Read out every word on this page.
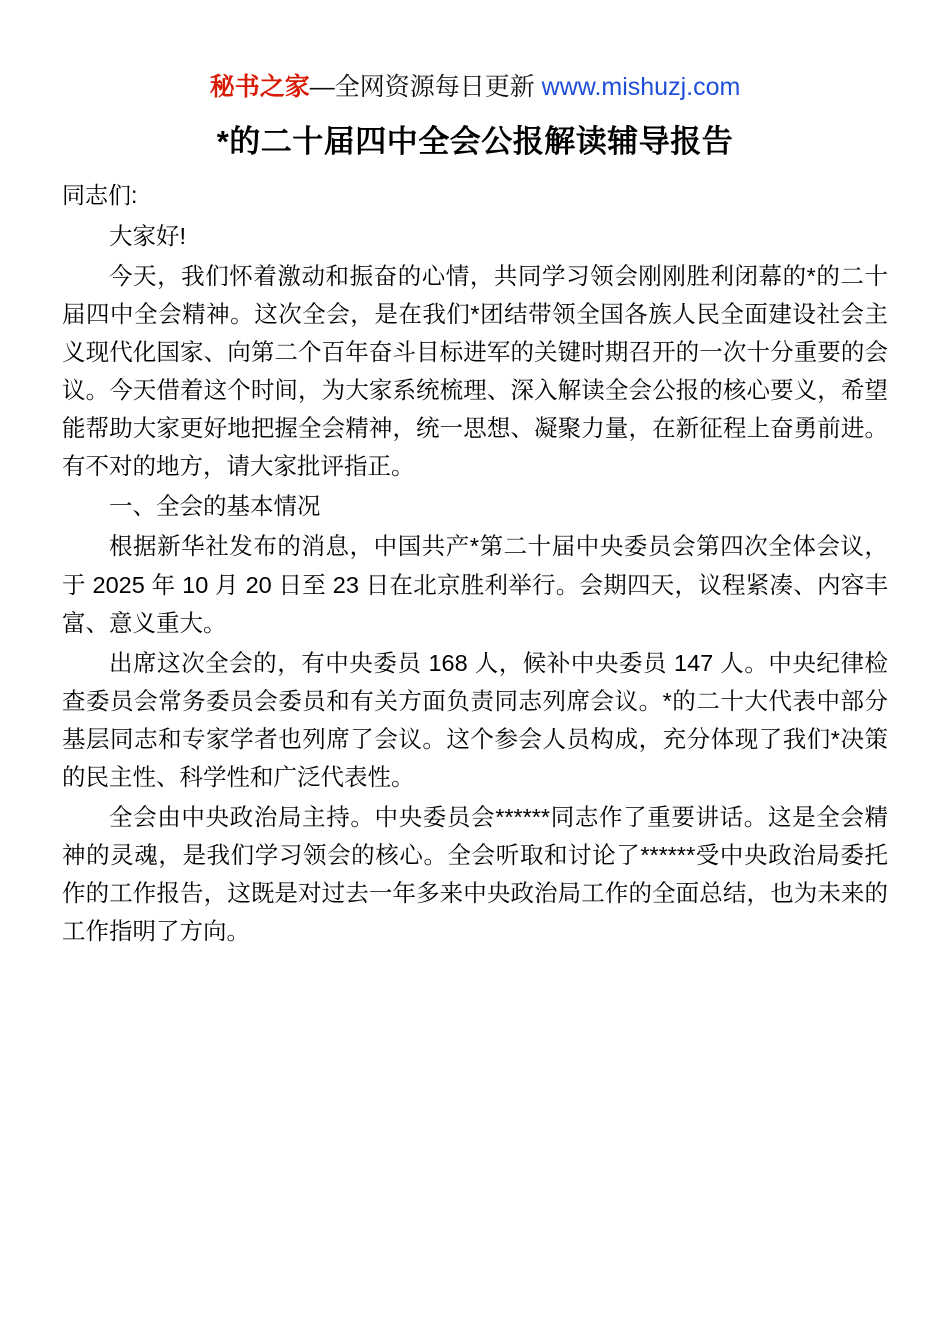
秘书之家—全网资源每日更新 www.mishuzj.com
*的二十届四中全会公报解读辅导报告
同志们:

大家好!

今天，我们怀着激动和振奋的心情，共同学习领会刚刚胜利闭幕的*的二十届四中全会精神。这次全会，是在我们*团结带领全国各族人民全面建设社会主义现代化国家、向第二个百年奋斗目标进军的关键时期召开的一次十分重要的会议。今天借着这个时间，为大家系统梳理、深入解读全会公报的核心要义，希望能帮助大家更好地把握全会精神，统一思想、凝聚力量，在新征程上奋勇前进。有不对的地方，请大家批评指正。

一、全会的基本情况

根据新华社发布的消息，中国共产*第二十届中央委员会第四次全体会议，于 2025 年 10 月 20 日至 23 日在北京胜利举行。会期四天，议程紧凑、内容丰富、意义重大。

出席这次全会的，有中央委员 168 人，候补中央委员 147 人。中央纪律检查委员会常务委员会委员和有关方面负责同志列席会议。*的二十大代表中部分基层同志和专家学者也列席了会议。这个参会人员构成，充分体现了我们*决策的民主性、科学性和广泛代表性。

全会由中央政治局主持。中央委员会******同志作了重要讲话。这是全会精神的灵魂，是我们学习领会的核心。全会听取和讨论了******受中央政治局委托作的工作报告，这既是对过去一年多来中央政治局工作的全面总结，也为未来的工作指明了方向。
